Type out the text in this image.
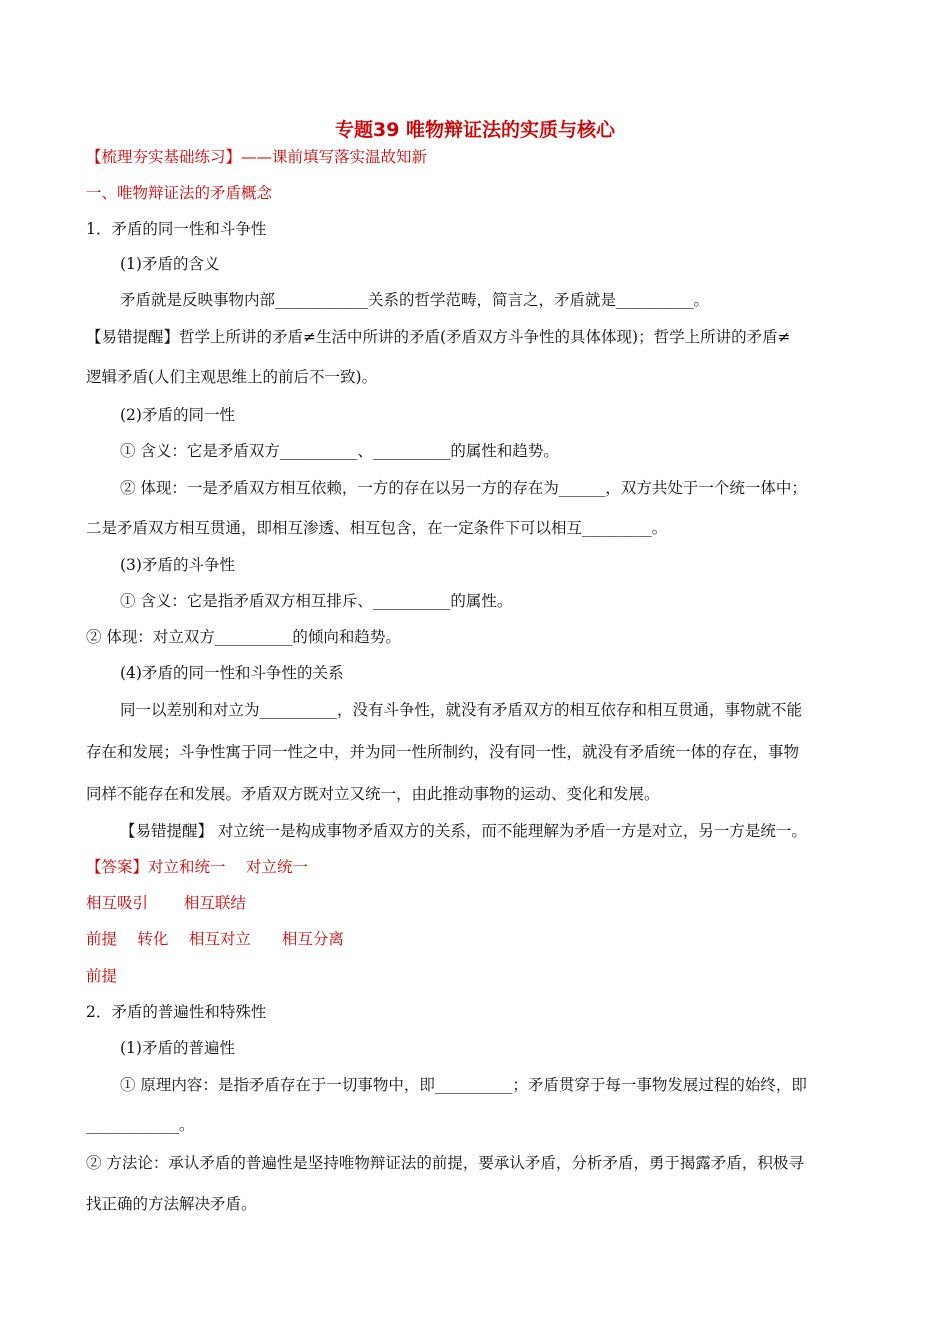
专题39 唯物辩证法的实质与核心
【梳理夯实基础练习】——课前填写落实温故知新
一、唯物辩证法的矛盾概念
1．矛盾的同一性和斗争性
(1)矛盾的含义
矛盾就是反映事物内部____________关系的哲学范畴，简言之，矛盾就是__________。
【易错提醒】哲学上所讲的矛盾≠生活中所讲的矛盾(矛盾双方斗争性的具体体现)；哲学上所讲的矛盾≠
逻辑矛盾(人们主观思维上的前后不一致)。
(2)矛盾的同一性
① 含义：它是矛盾双方__________、__________的属性和趋势。
② 体现：一是矛盾双方相互依赖，一方的存在以另一方的存在为______，双方共处于一个统一体中；
二是矛盾双方相互贯通，即相互渗透、相互包含，在一定条件下可以相互_________。
(3)矛盾的斗争性
① 含义：它是指矛盾双方相互排斥、__________的属性。
② 体现：对立双方__________的倾向和趋势。
(4)矛盾的同一性和斗争性的关系
同一以差别和对立为__________，没有斗争性，就没有矛盾双方的相互依存和相互贯通，事物就不能
存在和发展；斗争性寓于同一性之中，并为同一性所制约，没有同一性，就没有矛盾统一体的存在，事物
同样不能存在和发展。矛盾双方既对立又统一，由此推动事物的运动、变化和发展。
【易错提醒】 对立统一是构成事物矛盾双方的关系，而不能理解为矛盾一方是对立，另一方是统一。
【答案】对立和统一　 对立统一
相互吸引　　 相互联结
前提　 转化　 相互对立　　相互分离
前提
2．矛盾的普遍性和特殊性
(1)矛盾的普遍性
① 原理内容：是指矛盾存在于一切事物中，即__________；矛盾贯穿于每一事物发展过程的始终，即
____________。
② 方法论：承认矛盾的普遍性是坚持唯物辩证法的前提，要承认矛盾，分析矛盾，勇于揭露矛盾，积极寻
找正确的方法解决矛盾。
